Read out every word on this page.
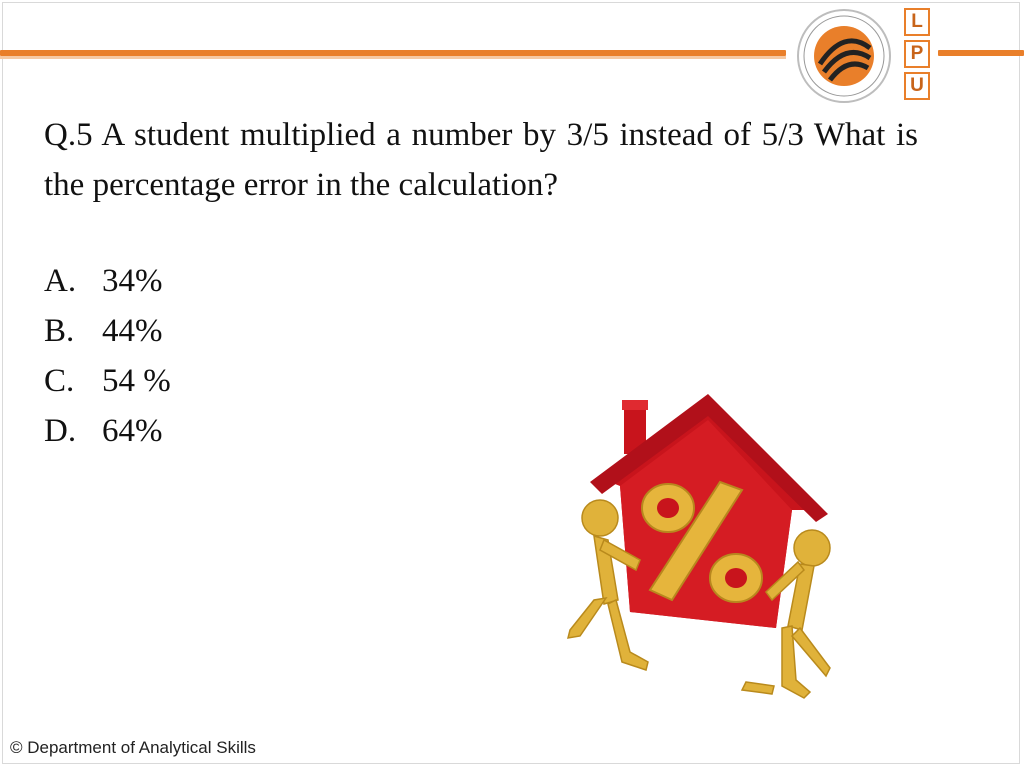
L
P
U
Q.5 A student multiplied a number by 3/5 instead of 5/3 What is the percentage error in the calculation?
A. 34%
B. 44%
C. 54 %
D. 64%
© Department of Analytical Skills
